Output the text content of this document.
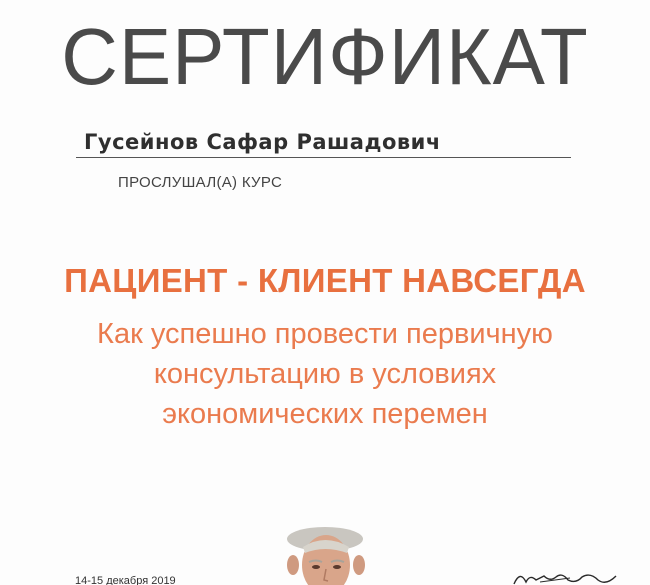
СЕРТИФИКАТ
Гусейнов Сафар Рашадович
ПРОСЛУШАЛ(А) КУРС
ПАЦИЕНТ - КЛИЕНТ НАВСЕГДА
Как успешно провести первичную
консультацию в условиях
экономических перемен
14-15 декабря 2019
